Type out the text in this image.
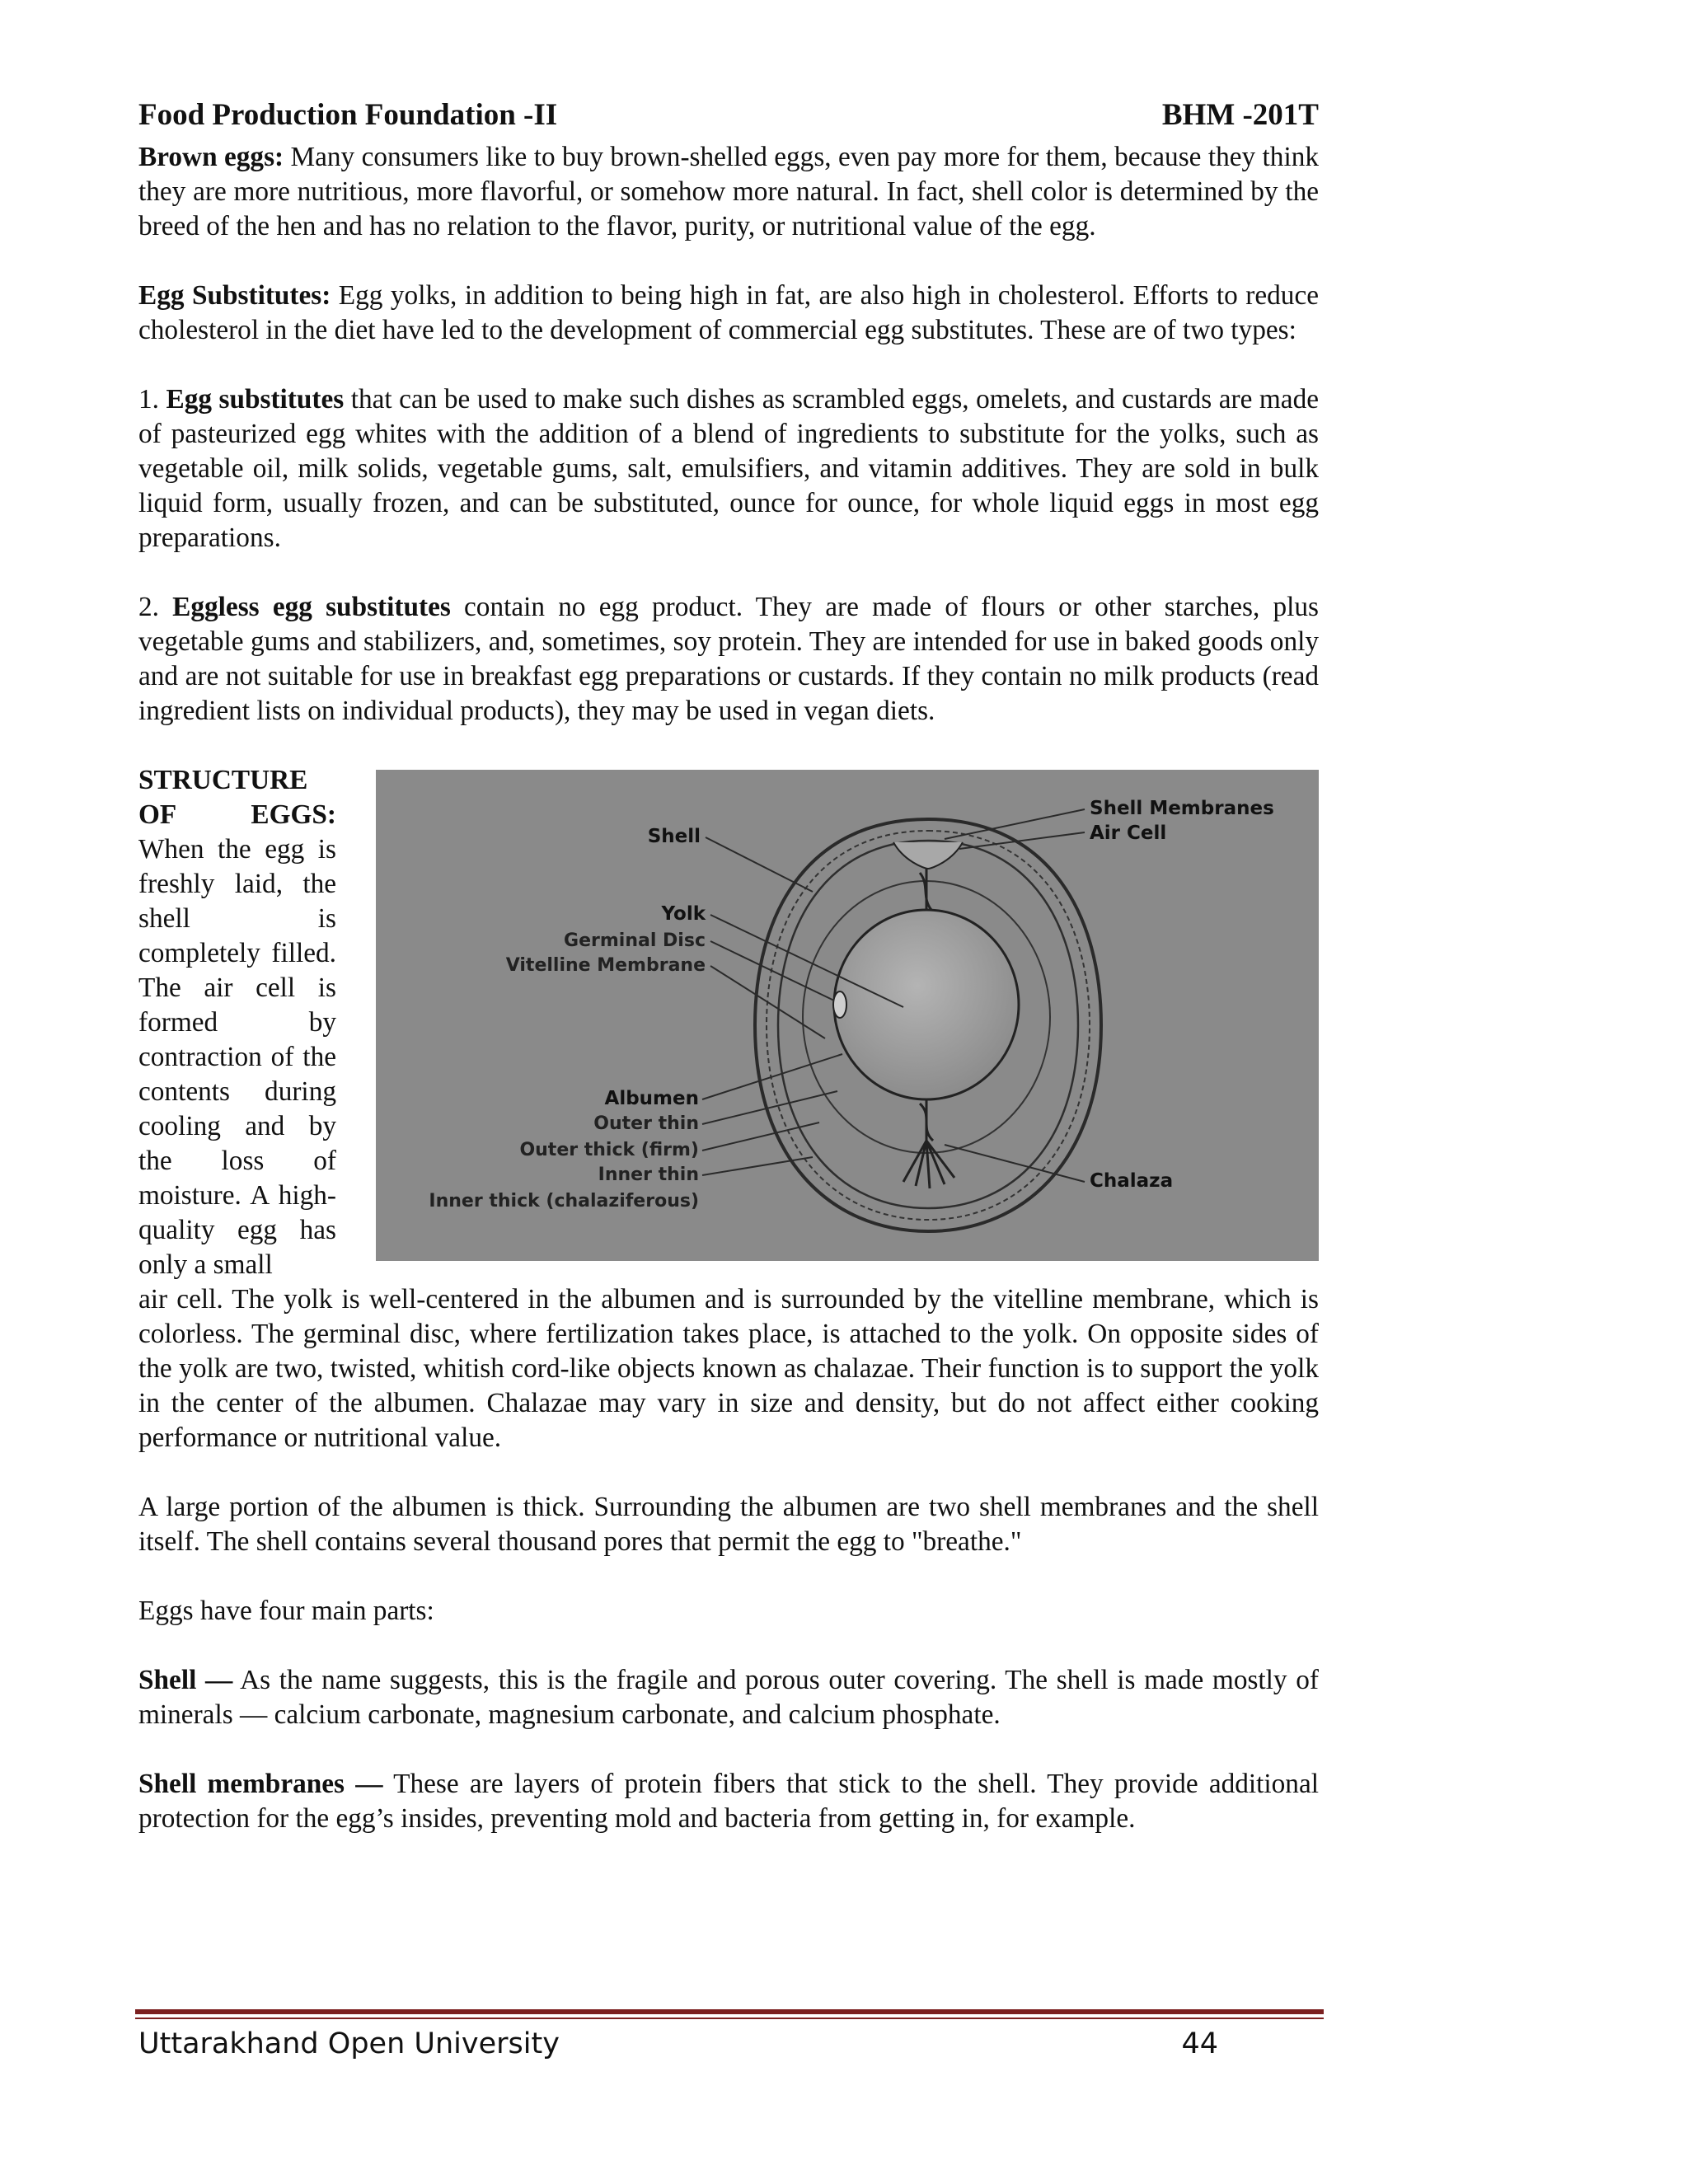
Food Production Foundation -II	BHM -201T

Brown eggs: Many consumers like to buy brown-shelled eggs, even pay more for them, because they think they are more nutritious, more flavorful, or somehow more natural. In fact, shell color is determined by the breed of the hen and has no relation to the flavor, purity, or nutritional value of the egg.

Egg Substitutes: Egg yolks, in addition to being high in fat, are also high in cholesterol. Efforts to reduce cholesterol in the diet have led to the development of commercial egg substitutes. These are of two types:

1. Egg substitutes that can be used to make such dishes as scrambled eggs, omelets, and custards are made of pasteurized egg whites with the addition of a blend of ingredients to substitute for the yolks, such as vegetable oil, milk solids, vegetable gums, salt, emulsifiers, and vitamin additives. They are sold in bulk liquid form, usually frozen, and can be substituted, ounce for ounce, for whole liquid eggs in most egg preparations.

2. Eggless egg substitutes contain no egg product. They are made of flours or other starches, plus vegetable gums and stabilizers, and, sometimes, soy protein. They are intended for use in baked goods only and are not suitable for use in breakfast egg preparations or custards. If they contain no milk products (read ingredient lists on individual products), they may be used in vegan diets.

STRUCTURE
OF	EGGS:
When the egg is freshly laid, the shell is completely filled. The air cell is formed by contraction of the contents during cooling and by the loss of moisture. A high-quality egg has only a small
Shell
Yolk
Germinal Disc
Vitelline Membrane
Albumen
Outer thin
Outer thick (firm)
Inner thin
Inner thick (chalaziferous)
Shell Membranes
Air Cell
Chalaza

air cell. The yolk is well-centered in the albumen and is surrounded by the vitelline membrane, which is colorless. The germinal disc, where fertilization takes place, is attached to the yolk. On opposite sides of the yolk are two, twisted, whitish cord-like objects known as chalazae. Their function is to support the yolk in the center of the albumen. Chalazae may vary in size and density, but do not affect either cooking performance or nutritional value.

A large portion of the albumen is thick. Surrounding the albumen are two shell membranes and the shell itself. The shell contains several thousand pores that permit the egg to "breathe."

Eggs have four main parts:

Shell — As the name suggests, this is the fragile and porous outer covering. The shell is made mostly of minerals — calcium carbonate, magnesium carbonate, and calcium phosphate.

Shell membranes — These are layers of protein fibers that stick to the shell. They provide additional protection for the egg’s insides, preventing mold and bacteria from getting in, for example.

Uttarakhand Open University	44
